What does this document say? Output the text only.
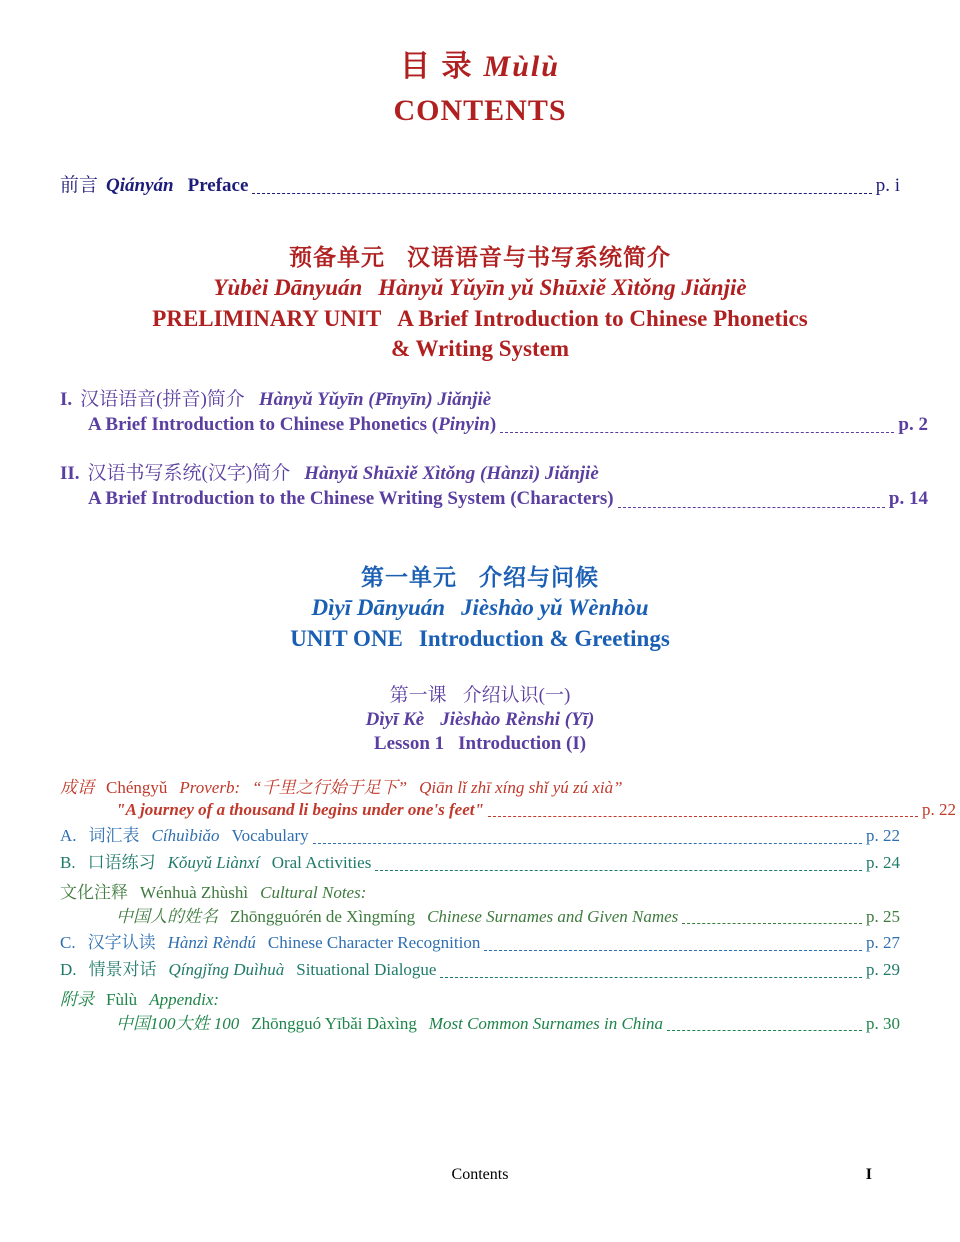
目 录 Mùlù
CONTENTS
前言 Qiányán Preface	p. i
预备单元 汉语语音与书写系统简介
Yùbèi Dānyuán Hànyǔ Yǔyīn yǔ Shūxiě Xìtǒng Jiǎnjiè
PRELIMINARY UNIT A Brief Introduction to Chinese Phonetics
& Writing System
I. 汉语语音(拼音)简介 Hànyǔ Yǔyīn (Pīnyīn) Jiǎnjiè
A Brief Introduction to Chinese Phonetics ( Pinyin )	p. 2
II. 汉语书写系统(汉字)简介 Hànyǔ Shūxiě Xìtǒng (Hànzì) Jiǎnjiè
A Brief Introduction to the Chinese Writing System (Characters)	p. 14
第一单元 介绍与问候
Dìyī Dānyuán Jièshào yǔ Wènhòu
UNIT ONE Introduction & Greetings
第一课 介绍认识(一)
Dìyī Kè Jièshào Rènshi (Yī)
Lesson 1 Introduction (I)
成语 Chéngyǔ Proverb: “千里之行始于足下” Qiān lǐ zhī xíng shǐ yú zú xià”
"A journey of a thousand li begins under one's feet"	p. 22
A. 词汇表 Cíhuìbiǎo Vocabulary	p. 22
B. 口语练习 Kǒuyǔ Liànxí Oral Activities	p. 24
文化注释 Wénhuà Zhùshì Cultural Notes:
中国人的姓名 Zhōngguórén de Xìngmíng Chinese Surnames and Given Names	p. 25
C. 汉字认读 Hànzì Rèndú Chinese Character Recognition	p. 27
D. 情景对话 Qíngjǐng Duìhuà Situational Dialogue	p. 29
附录 Fùlù Appendix:
中国100大姓 100 Zhōngguó Yībǎi Dàxìng Most Common Surnames in China	p. 30
Contents	I
